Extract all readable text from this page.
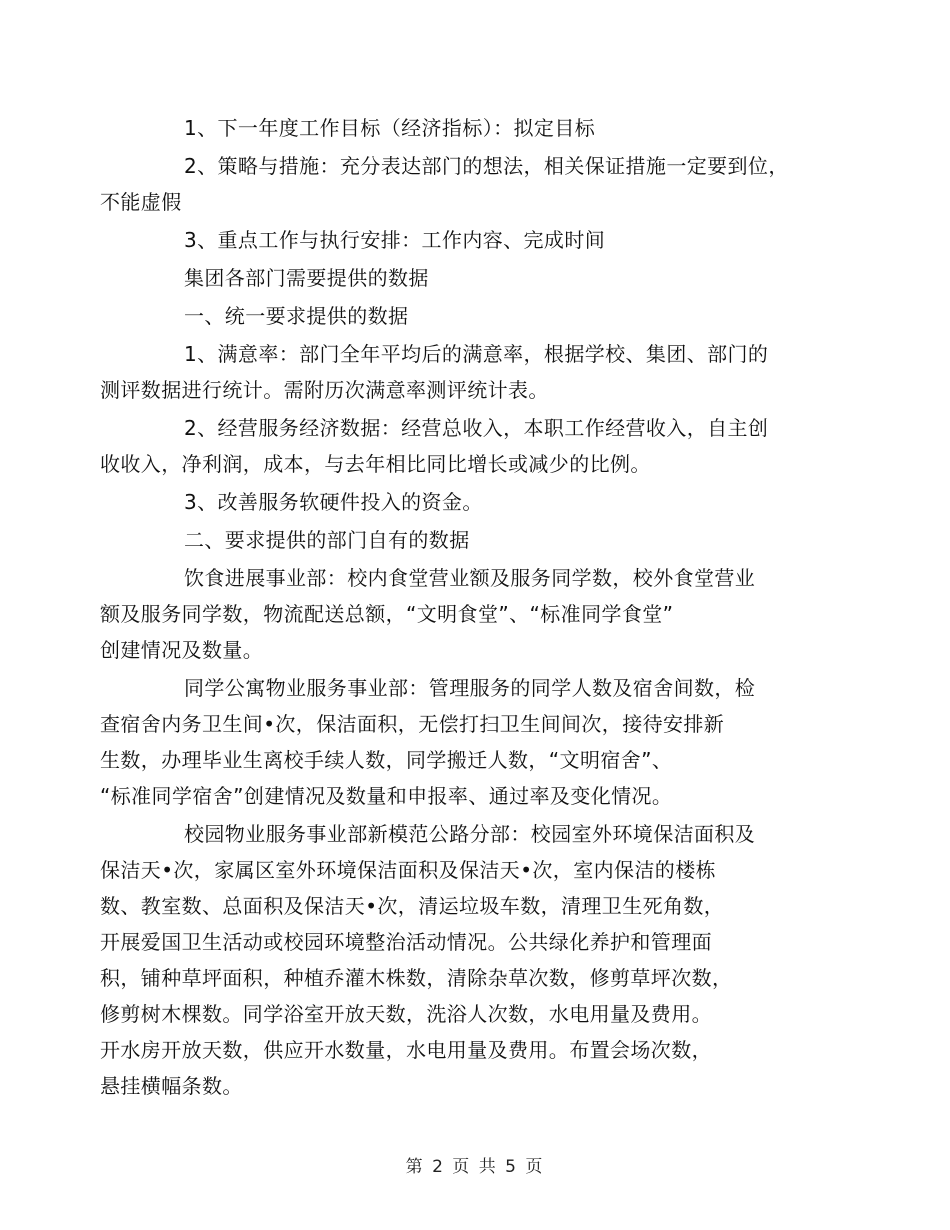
1、下一年度工作目标（经济指标）：拟定目标

2、策略与措施：充分表达部门的想法，相关保证措施一定要到位，
不能虚假

3、重点工作与执行安排：工作内容、完成时间

集团各部门需要提供的数据

一、统一要求提供的数据

1、满意率：部门全年平均后的满意率，根据学校、集团、部门的
测评数据进行统计。需附历次满意率测评统计表。

2、经营服务经济数据：经营总收入，本职工作经营收入，自主创
收收入，净利润，成本，与去年相比同比增长或减少的比例。

3、改善服务软硬件投入的资金。

二、要求提供的部门自有的数据

饮食进展事业部：校内食堂营业额及服务同学数，校外食堂营业
额及服务同学数，物流配送总额，“文明食堂”、“标准同学食堂”
创建情况及数量。

同学公寓物业服务事业部：管理服务的同学人数及宿舍间数，检
查宿舍内务卫生间•次，保洁面积，无偿打扫卫生间间次，接待安排新
生数，办理毕业生离校手续人数，同学搬迁人数，“文明宿舍”、
“标准同学宿舍”创建情况及数量和申报率、通过率及变化情况。

校园物业服务事业部新模范公路分部：校园室外环境保洁面积及
保洁天•次，家属区室外环境保洁面积及保洁天•次，室内保洁的楼栋
数、教室数、总面积及保洁天•次，清运垃圾车数，清理卫生死角数，
开展爱国卫生活动或校园环境整治活动情况。公共绿化养护和管理面
积，铺种草坪面积，种植乔灌木株数，清除杂草次数，修剪草坪次数，
修剪树木棵数。同学浴室开放天数，洗浴人次数，水电用量及费用。
开水房开放天数，供应开水数量，水电用量及费用。布置会场次数，
悬挂横幅条数。

第 2 页 共 5 页
